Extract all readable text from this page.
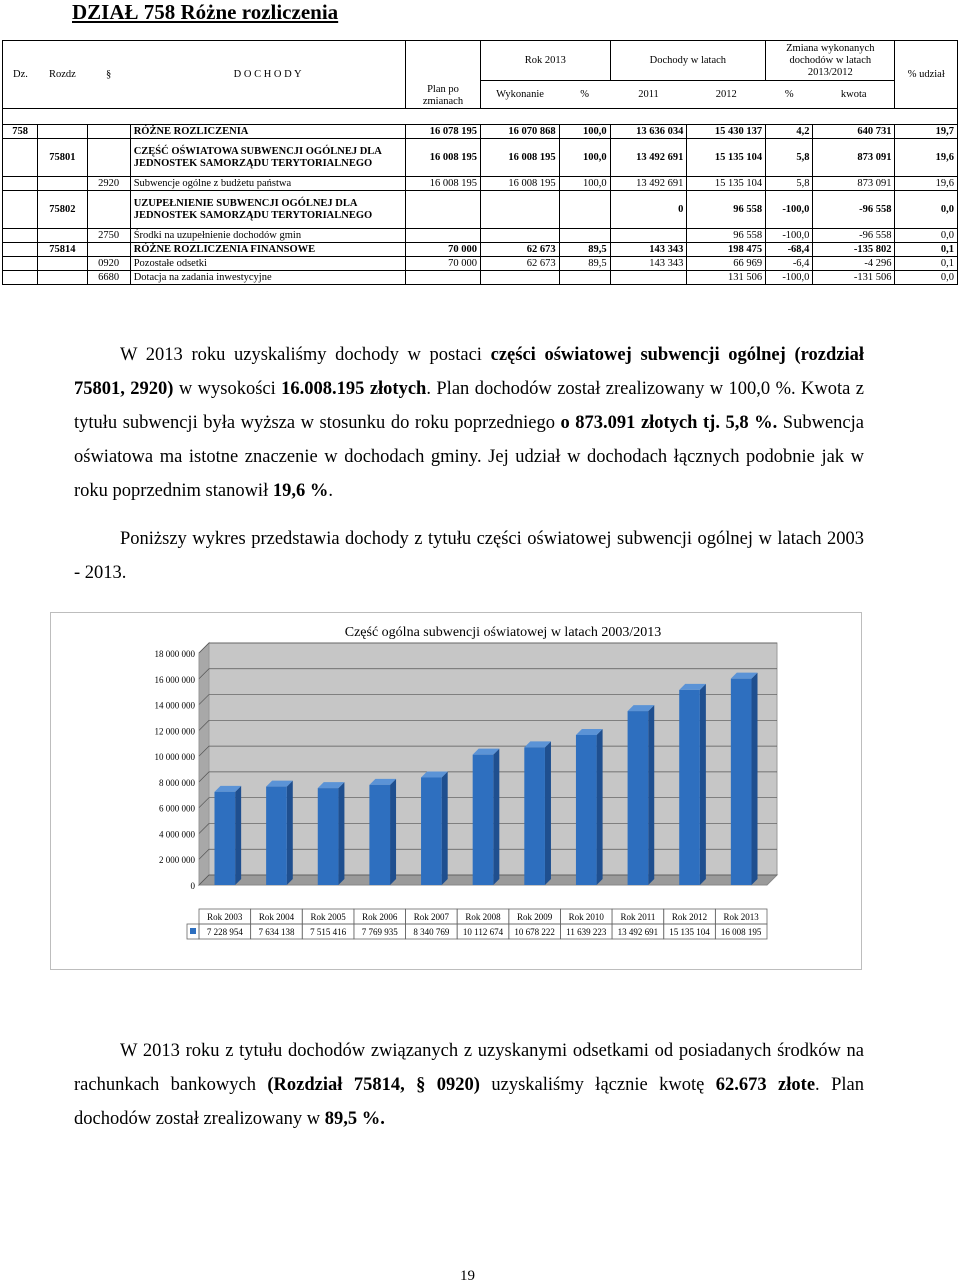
DZIAŁ 758 Różne rozliczenia
Dz.	Rozdz	§	D O C H O D Y	Plan po zmianach	Rok 2013		Dochody w latach		Zmiana wykonanych dochodów w latach 2013/2012		% udział
					Wykonanie	%	2011	2012	%	kwota	

758			RÓŻNE ROZLICZENIA	16 078 195	16 070 868	100,0	13 636 034	15 430 137	4,2	640 731	19,7
	75801		CZĘŚĆ OŚWIATOWA SUBWENCJI OGÓLNEJ DLA JEDNOSTEK SAMORZĄDU TERYTORIALNEGO	16 008 195	16 008 195	100,0	13 492 691	15 135 104	5,8	873 091	19,6
		2920	Subwencje ogólne z budżetu państwa	16 008 195	16 008 195	100,0	13 492 691	15 135 104	5,8	873 091	19,6
	75802		UZUPEŁNIENIE SUBWENCJI OGÓLNEJ DLA JEDNOSTEK SAMORZĄDU TERYTORIALNEGO				0	96 558	-100,0	-96 558	0,0
		2750	Środki na uzupełnienie dochodów gmin					96 558	-100,0	-96 558	0,0
	75814		RÓŻNE ROZLICZENIA FINANSOWE	70 000	62 673	89,5	143 343	198 475	-68,4	-135 802	0,1
		0920	Pozostałe odsetki	70 000	62 673	89,5	143 343	66 969	-6,4	-4 296	0,1
		6680	Dotacja na zadania inwestycyjne					131 506	-100,0	-131 506	0,0
W 2013 roku uzyskaliśmy dochody w postaci części oświatowej subwencji ogólnej (rozdział 75801, 2920) w wysokości 16.008.195 złotych. Plan dochodów został zrealizowany w 100,0 %. Kwota z tytułu subwencji była wyższa w stosunku do roku poprzedniego o 873.091 złotych tj. 5,8 %. Subwencja oświatowa ma istotne znaczenie w dochodach gminy. Jej udział w dochodach łącznych podobnie jak w roku poprzednim stanowił 19,6 %.
Poniższy wykres przedstawia dochody z tytułu części oświatowej subwencji ogólnej w latach 2003 - 2013.
Część ogólna subwencji oświatowej w latach 2003/2013
0
2 000 000
4 000 000
6 000 000
8 000 000
10 000 000
12 000 000
14 000 000
16 000 000
18 000 000
Rok 2003
7 228 954
Rok 2004
7 634 138
Rok 2005
7 515 416
Rok 2006
7 769 935
Rok 2007
8 340 769
Rok 2008
10 112 674
Rok 2009
10 678 222
Rok 2010
11 639 223
Rok 2011
13 492 691
Rok 2012
15 135 104
Rok 2013
16 008 195
W 2013 roku z tytułu dochodów związanych z uzyskanymi odsetkami od posiadanych środków na rachunkach bankowych (Rozdział 75814, § 0920) uzyskaliśmy łącznie kwotę 62.673 złote. Plan dochodów został zrealizowany w 89,5 %.
19
